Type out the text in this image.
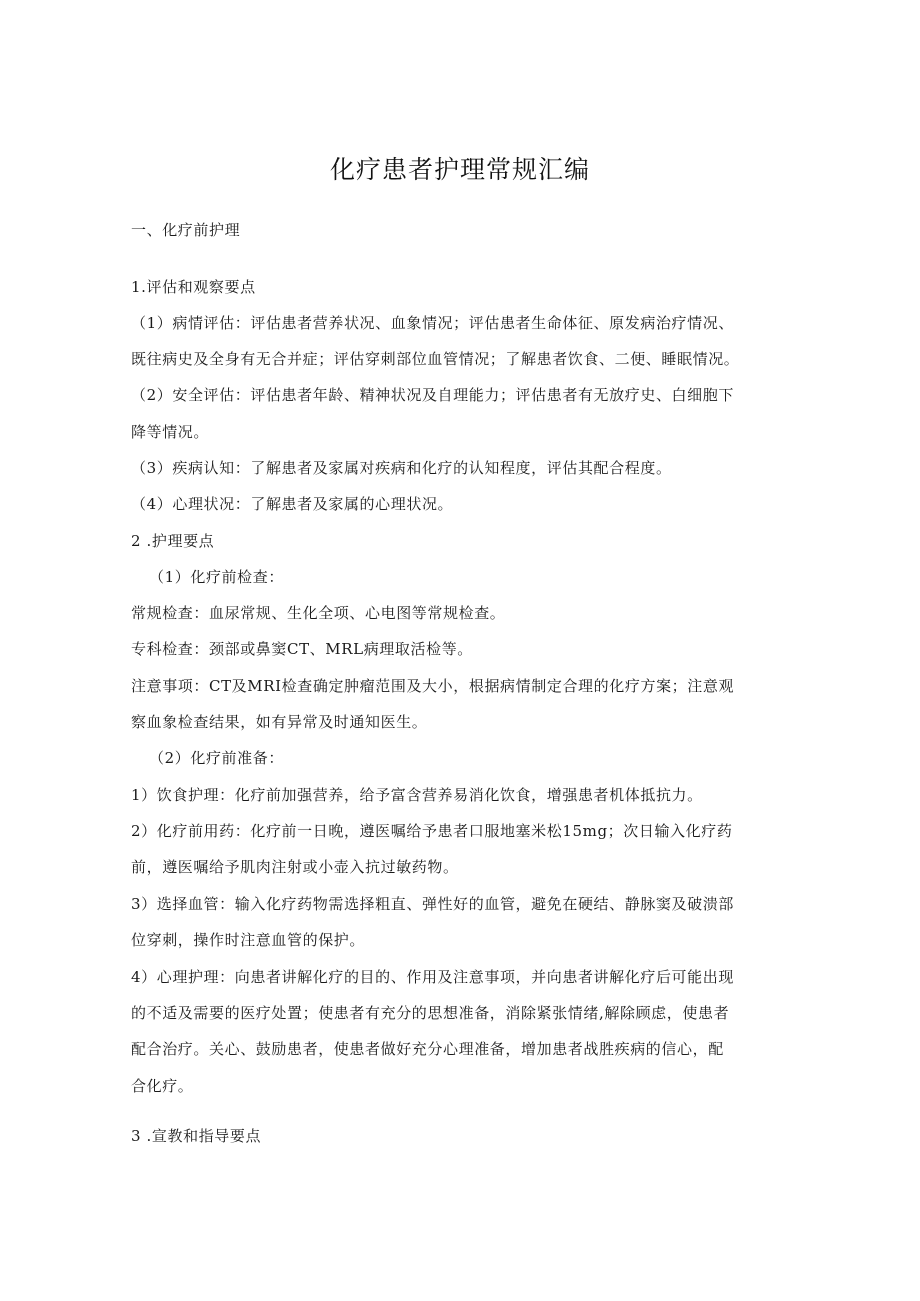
化疗患者护理常规汇编
一、化疗前护理
1.评估和观察要点
（1）病情评估：评估患者营养状况、血象情况；评估患者生命体征、原发病治疗情况、
既往病史及全身有无合并症；评估穿刺部位血管情况；了解患者饮食、二便、睡眠情况。
（2）安全评估：评估患者年龄、精神状况及自理能力；评估患者有无放疗史、白细胞下
降等情况。
（3）疾病认知：了解患者及家属对疾病和化疗的认知程度，评估其配合程度。
（4）心理状况：了解患者及家属的心理状况。
2 .护理要点
（1）化疗前检查：
常规检查：血尿常规、生化全项、心电图等常规检查。
专科检查：颈部或鼻窦CT、MRL病理取活检等。
注意事项：CT及MRI检查确定肿瘤范围及大小，根据病情制定合理的化疗方案；注意观
察血象检查结果，如有异常及时通知医生。
（2）化疗前准备：
1）饮食护理：化疗前加强营养，给予富含营养易消化饮食，增强患者机体抵抗力。
2）化疗前用药：化疗前一日晚，遵医嘱给予患者口服地塞米松15mg；次日输入化疗药
前，遵医嘱给予肌肉注射或小壶入抗过敏药物。
3）选择血管：输入化疗药物需选择粗直、弹性好的血管，避免在硬结、静脉窦及破溃部
位穿刺，操作时注意血管的保护。
4）心理护理：向患者讲解化疗的目的、作用及注意事项，并向患者讲解化疗后可能出现
的不适及需要的医疗处置；使患者有充分的思想准备，消除紧张情绪,解除顾虑，使患者
配合治疗。关心、鼓励患者，使患者做好充分心理准备，增加患者战胜疾病的信心，配
合化疗。
3 .宣教和指导要点
